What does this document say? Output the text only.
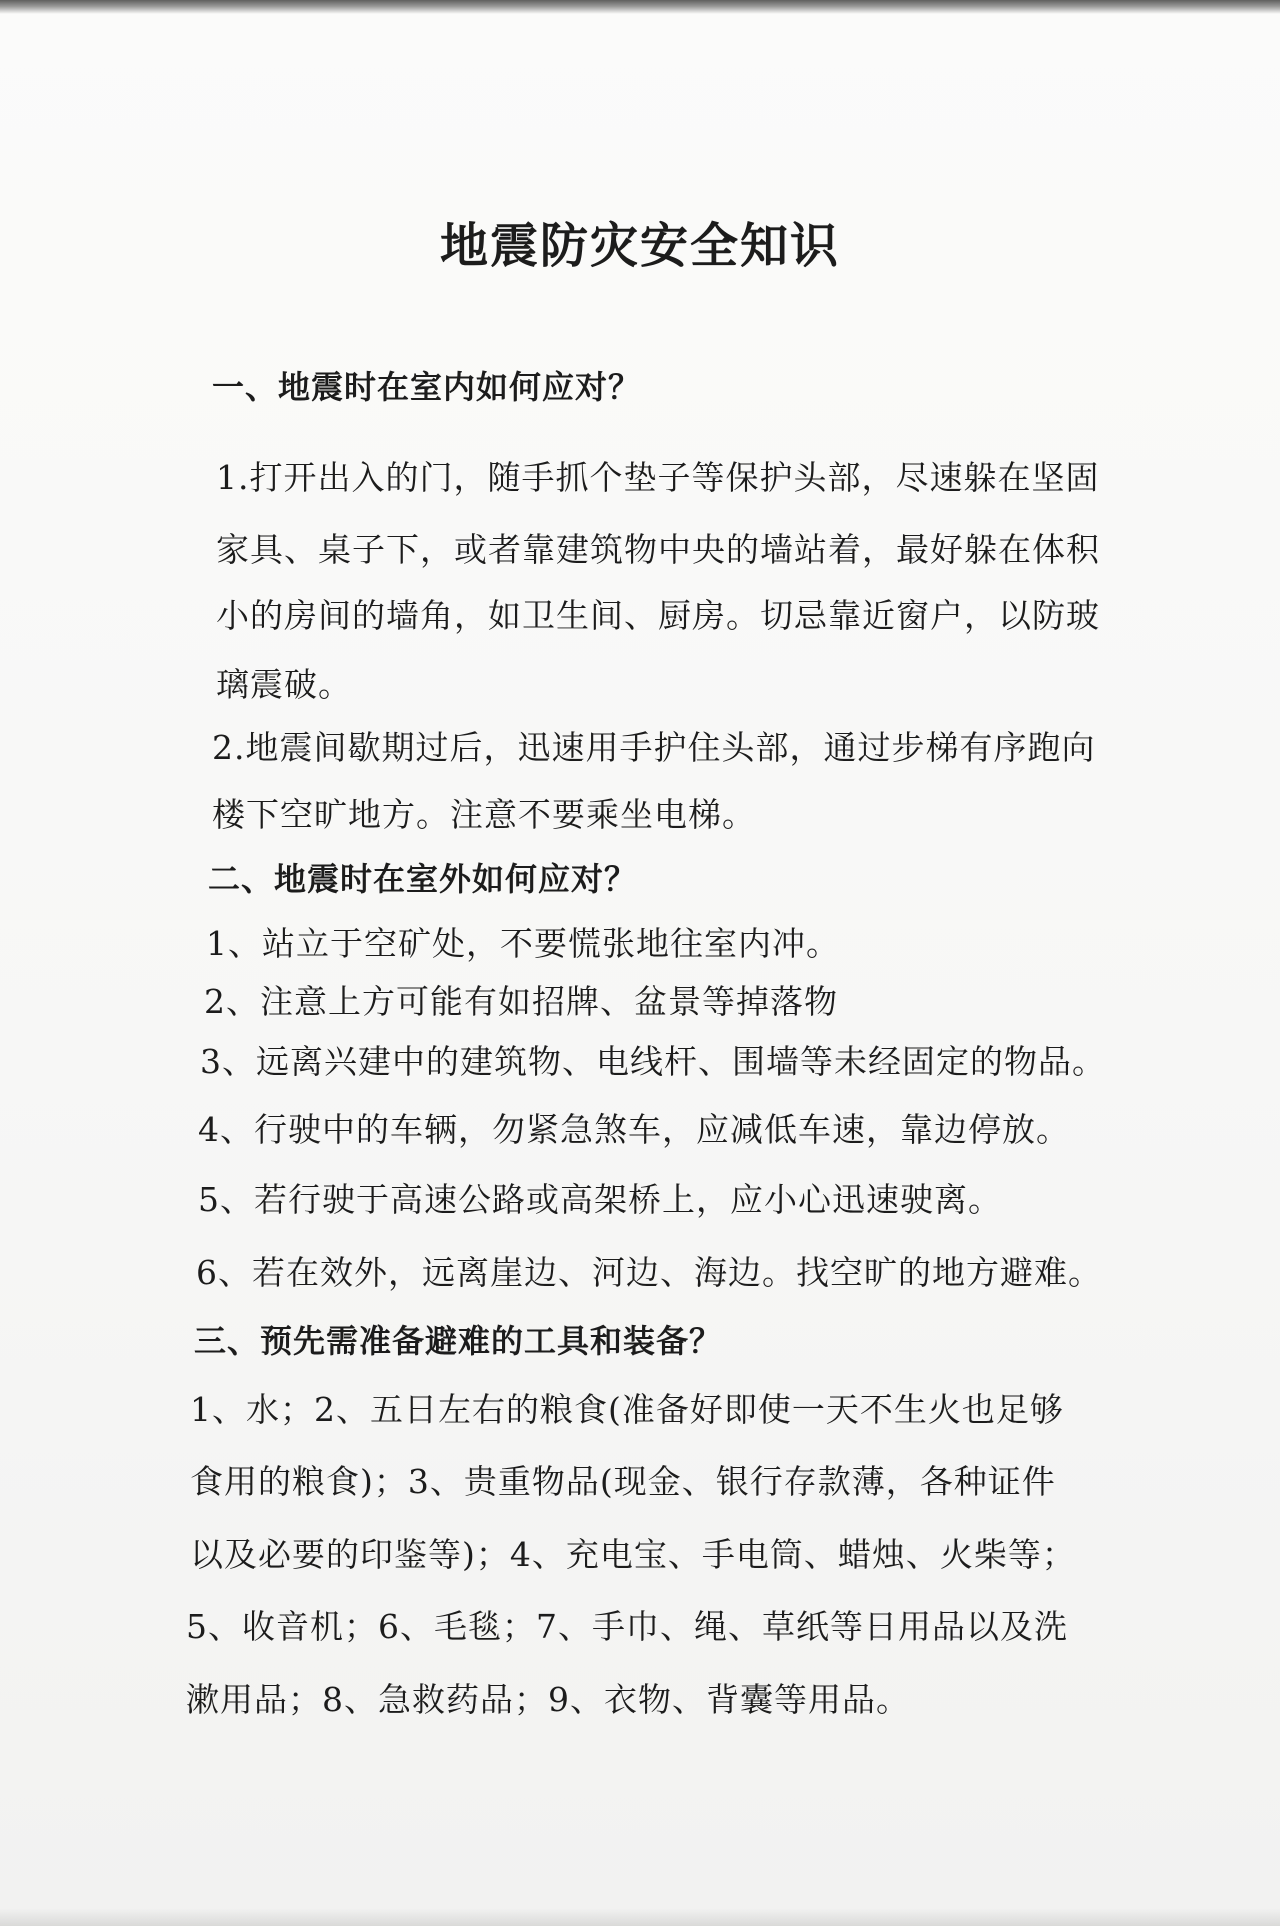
地震防灾安全知识
一、地震时在室内如何应对？
1.打开出入的门，随手抓个垫子等保护头部，尽速躲在坚固
家具、桌子下，或者靠建筑物中央的墙站着，最好躲在体积
小的房间的墙角，如卫生间、厨房。切忌靠近窗户，以防玻
璃震破。
2.地震间歇期过后，迅速用手护住头部，通过步梯有序跑向
楼下空旷地方。注意不要乘坐电梯。
二、地震时在室外如何应对？
1、站立于空矿处，不要慌张地往室内冲。
2、注意上方可能有如招牌、盆景等掉落物
3、远离兴建中的建筑物、电线杆、围墙等未经固定的物品。
4、行驶中的车辆，勿紧急煞车，应减低车速，靠边停放。
5、若行驶于高速公路或高架桥上，应小心迅速驶离。
6、若在效外，远离崖边、河边、海边。找空旷的地方避难。
三、预先需准备避难的工具和装备？
1、水；2、五日左右的粮食(准备好即使一天不生火也足够
食用的粮食)；3、贵重物品(现金、银行存款薄，各种证件
以及必要的印鉴等)；4、充电宝、手电筒、蜡烛、火柴等；
5、收音机；6、毛毯；7、手巾、绳、草纸等日用品以及洗
漱用品；8、急救药品；9、衣物、背囊等用品。
